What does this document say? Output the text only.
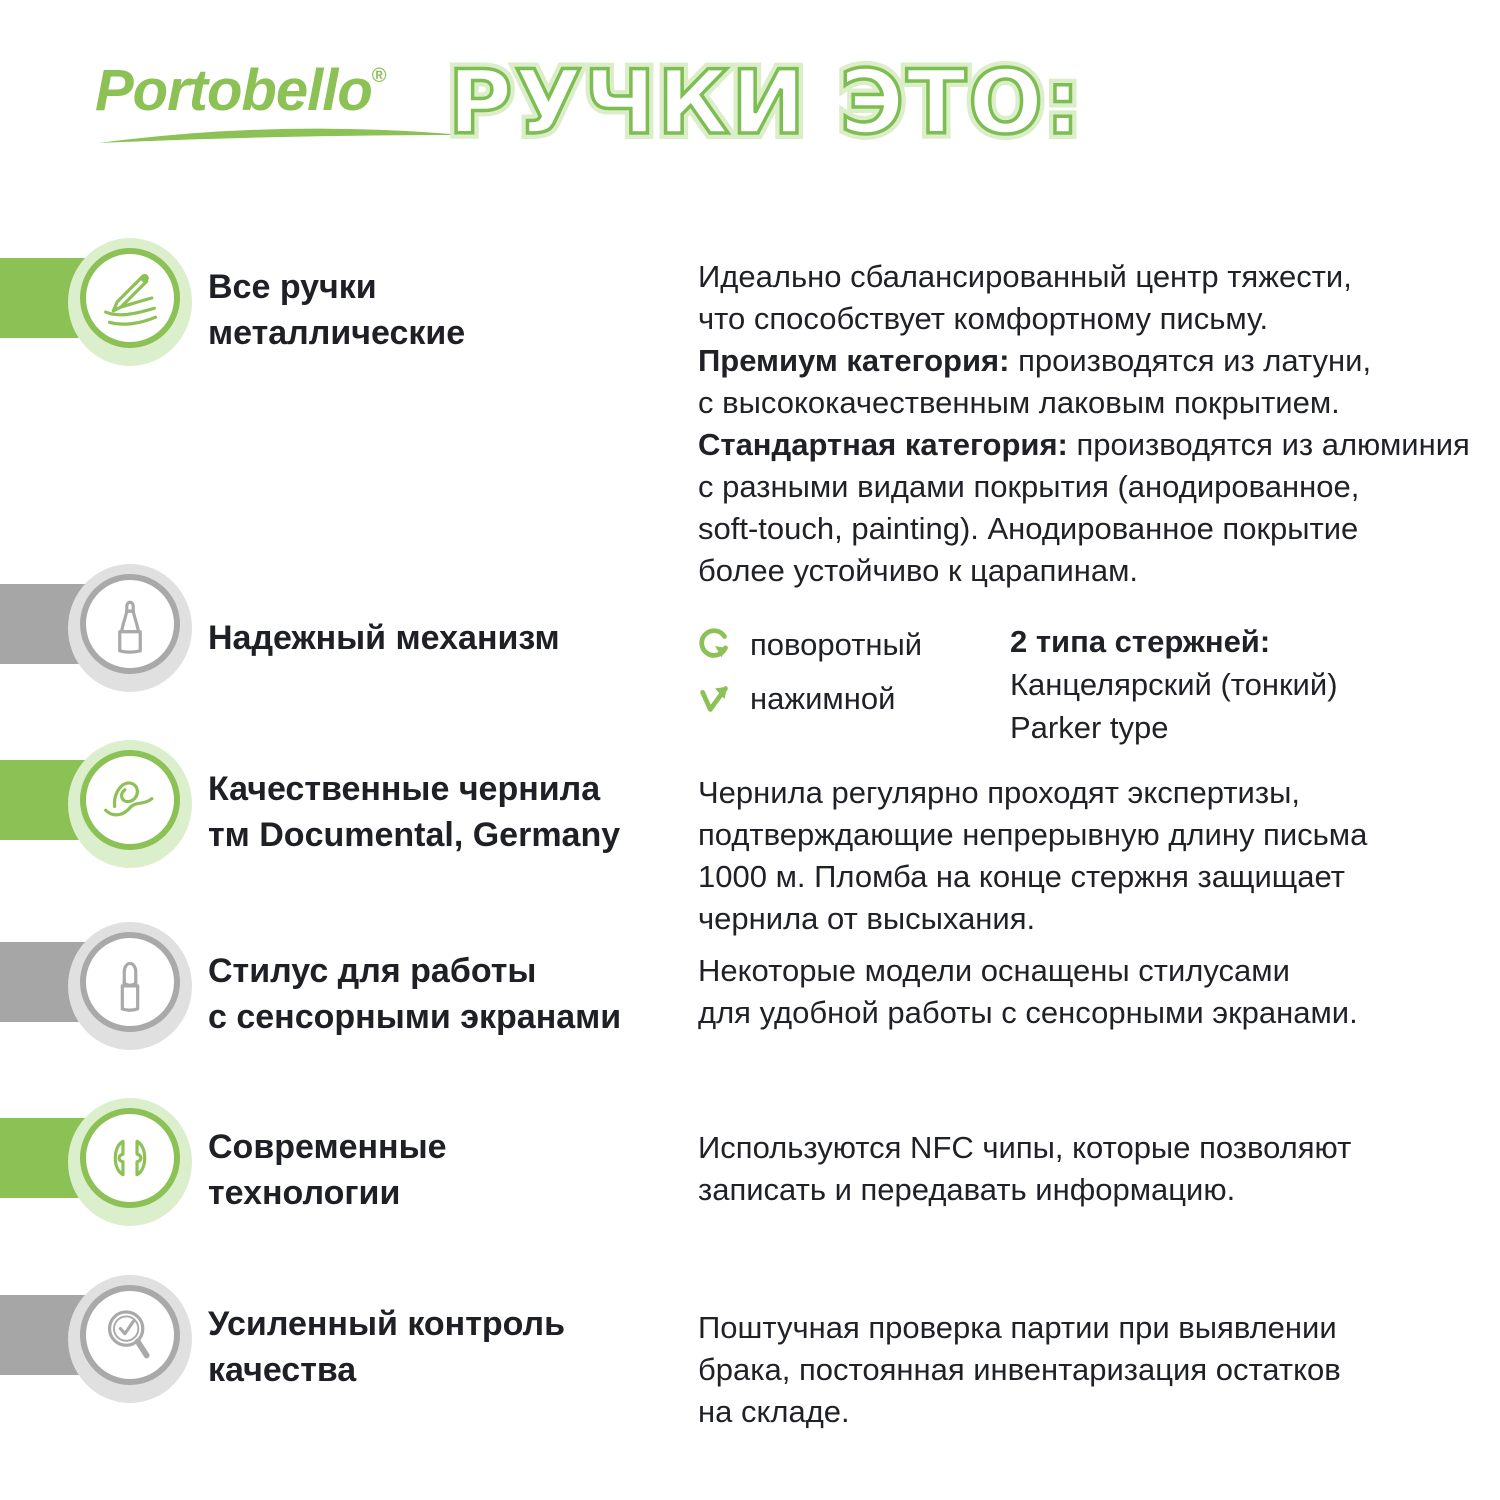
Portobello® РУЧКИ ЭТО: РУЧКИ ЭТО:
Все ручки
металлические
Идеально сбалансированный центр тяжести,
что способствует комфортному письму.
Премиум категория: производятся из латуни,
с высококачественным лаковым покрытием.
Стандартная категория: производятся из алюминия
с разными видами покрытия (анодированное,
soft-touch, painting). Анодированное покрытие
более устойчиво к царапинам.
Надежный механизм	поворотный
нажимной
2 типа стержней:
Канцелярский (тонкий)
Parker type
Качественные чернила
тм Documental, Germany
Чернила регулярно проходят экспертизы,
подтверждающие непрерывную длину письма
1000 м. Пломба на конце стержня защищает
чернила от высыхания.
Стилус для работы
с сенсорными экранами
Некоторые модели оснащены стилусами
для удобной работы с сенсорными экранами.
Современные
технологии
Используются NFC чипы, которые позволяют
записать и передавать информацию.
Усиленный контроль
качества
Поштучная проверка партии при выявлении
брака, постоянная инвентаризация остатков
на складе.
